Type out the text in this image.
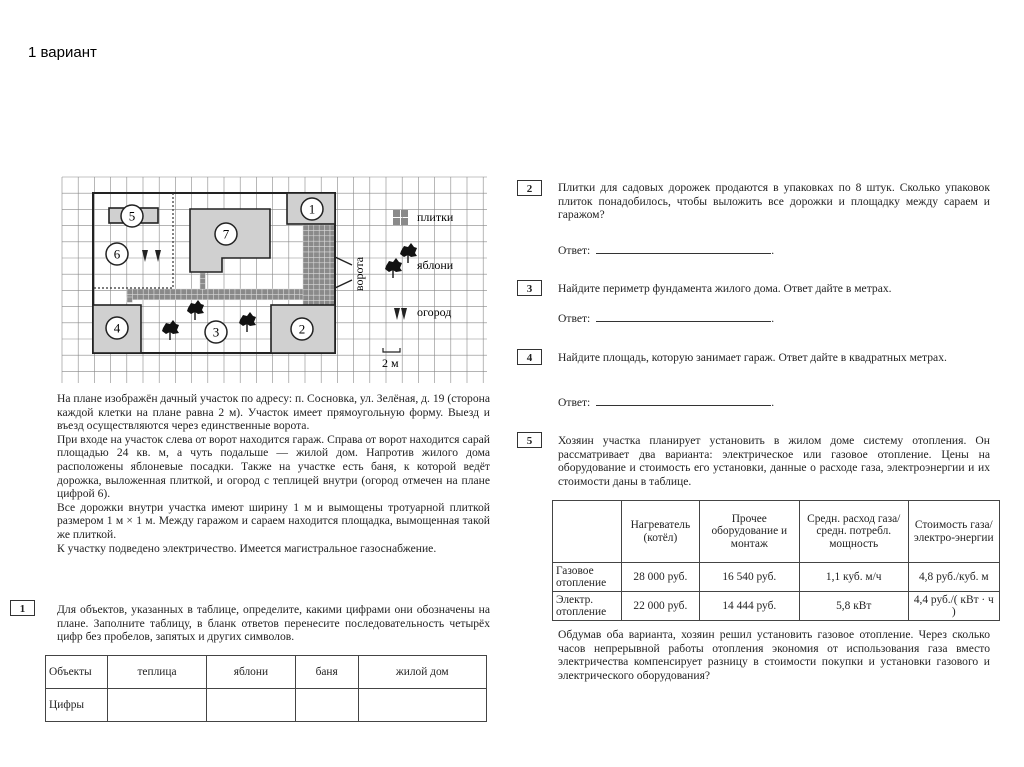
1 вариант
1
2
3
4
5
6
7
ворота
плитки
яблони
огород
2 м

На плане изображён дачный участок по адресу: п. Сосновка, ул. Зелёная, д. 19 (сторона каждой клетки на плане равна 2 м). Участок имеет прямоугольную форму. Выезд и въезд осуществляются через единственные ворота.

При входе на участок слева от ворот находится гараж. Справа от ворот находится сарай площадью 24 кв. м, а чуть подальше — жилой дом. Напротив жилого дома расположены яблоневые посадки. Также на участке есть баня, к которой ведёт дорожка, выложенная плиткой, и огород с теплицей внутри (огород отмечен на плане цифрой 6).

Все дорожки внутри участка имеют ширину 1 м и вымощены тротуарной плиткой размером 1 м × 1 м. Между гаражом и сараем находится площадка, вымощенная такой же плиткой.

К участку подведено электричество. Имеется магистральное газоснабжение.

1	Для объектов, указанных в таблице, определите, какими цифрами они обозначены на плане. Заполните таблицу, в бланк ответов перенесите последовательность четырёх цифр без пробелов, запятых и других символов.
Объекты	теплица	яблони	баня	жилой дом
Цифры				
2	Плитки для садовых дорожек продаются в упаковках по 8 штук. Сколько упаковок плиток понадобилось, чтобы выложить все дорожки и площадку между сараем и гаражом?
Ответ:	.
3	Найдите периметр фундамента жилого дома. Ответ дайте в метрах.
Ответ:	.
4	Найдите площадь, которую занимает гараж. Ответ дайте в квадратных метрах.
Ответ:	.
5	Хозяин участка планирует установить в жилом доме систему отопления. Он рассматривает два варианта: электрическое или газовое отопление. Цены на оборудование и стоимость его установки, данные о расходе газа, электроэнергии и их стоимости даны в таблице.
	Нагреватель (котёл)	Прочее оборудование и монтаж	Средн. расход газа/ средн. потребл. мощность	Стоимость газа/электро-энергии
Газовое отопление	28 000 руб.	16 540 руб.	1,1 куб. м/ч	4,8 руб./куб. м
Электр. отопление	22 000 руб.	14 444 руб.	5,8 кВт	4,4 руб./( кВт · ч )
Обдумав оба варианта, хозяин решил установить газовое отопление. Через сколько часов непрерывной работы отопления экономия от использования газа вместо электричества компенсирует разницу в стоимости покупки и установки газового и электрического оборудования?
